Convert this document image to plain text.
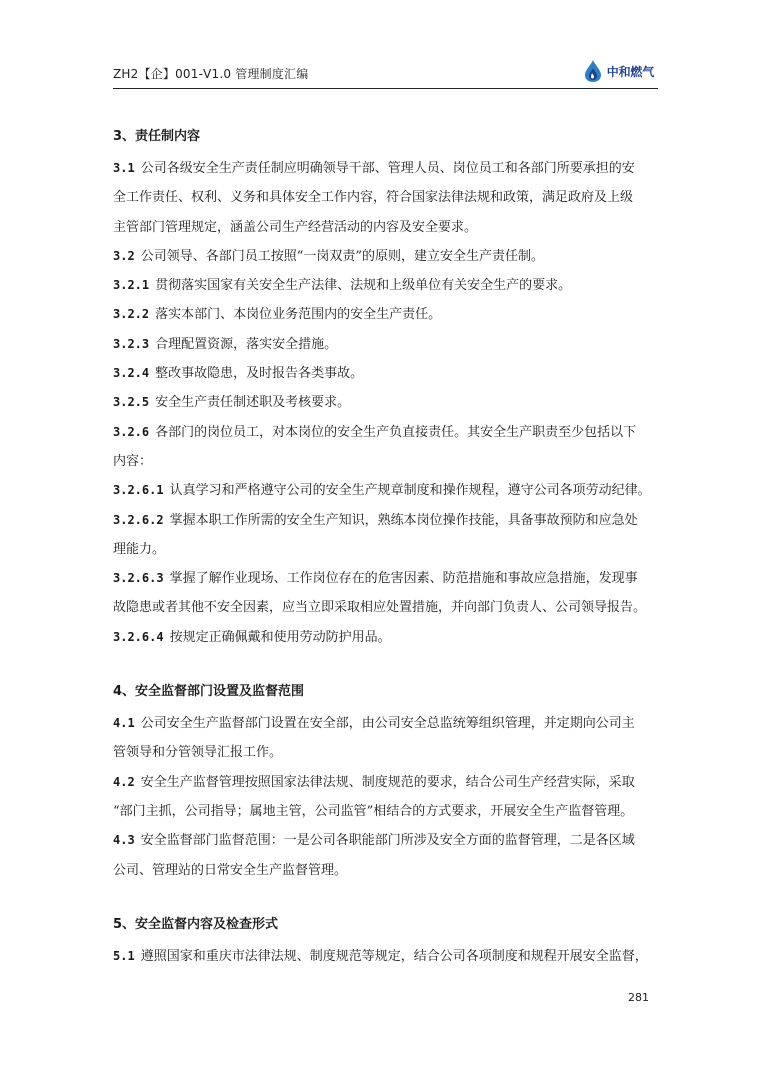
ZH2【企】001-V1.0 管理制度汇编	中和燃气
3、责任制内容
3.1 公司各级安全生产责任制应明确领导干部、管理人员、岗位员工和各部门所要承担的安
全工作责任、权利、义务和具体安全工作内容，符合国家法律法规和政策，满足政府及上级
主管部门管理规定，涵盖公司生产经营活动的内容及安全要求。
3.2 公司领导、各部门员工按照“一岗双责”的原则，建立安全生产责任制。
3.2.1 贯彻落实国家有关安全生产法律、法规和上级单位有关安全生产的要求。
3.2.2 落实本部门、本岗位业务范围内的安全生产责任。
3.2.3 合理配置资源，落实安全措施。
3.2.4 整改事故隐患，及时报告各类事故。
3.2.5 安全生产责任制述职及考核要求。
3.2.6 各部门的岗位员工，对本岗位的安全生产负直接责任。其安全生产职责至少包括以下
内容：
3.2.6.1 认真学习和严格遵守公司的安全生产规章制度和操作规程，遵守公司各项劳动纪律。
3.2.6.2 掌握本职工作所需的安全生产知识，熟练本岗位操作技能，具备事故预防和应急处
理能力。
3.2.6.3 掌握了解作业现场、工作岗位存在的危害因素、防范措施和事故应急措施，发现事
故隐患或者其他不安全因素，应当立即采取相应处置措施，并向部门负责人、公司领导报告。
3.2.6.4 按规定正确佩戴和使用劳动防护用品。
4、安全监督部门设置及监督范围
4.1 公司安全生产监督部门设置在安全部，由公司安全总监统筹组织管理，并定期向公司主
管领导和分管领导汇报工作。
4.2 安全生产监督管理按照国家法律法规、制度规范的要求，结合公司生产经营实际，采取
“部门主抓，公司指导；属地主管，公司监管”相结合的方式要求，开展安全生产监督管理。
4.3 安全监督部门监督范围：一是公司各职能部门所涉及安全方面的监督管理，二是各区域
公司、管理站的日常安全生产监督管理。
5、安全监督内容及检查形式
5.1 遵照国家和重庆市法律法规、制度规范等规定，结合公司各项制度和规程开展安全监督，
281
